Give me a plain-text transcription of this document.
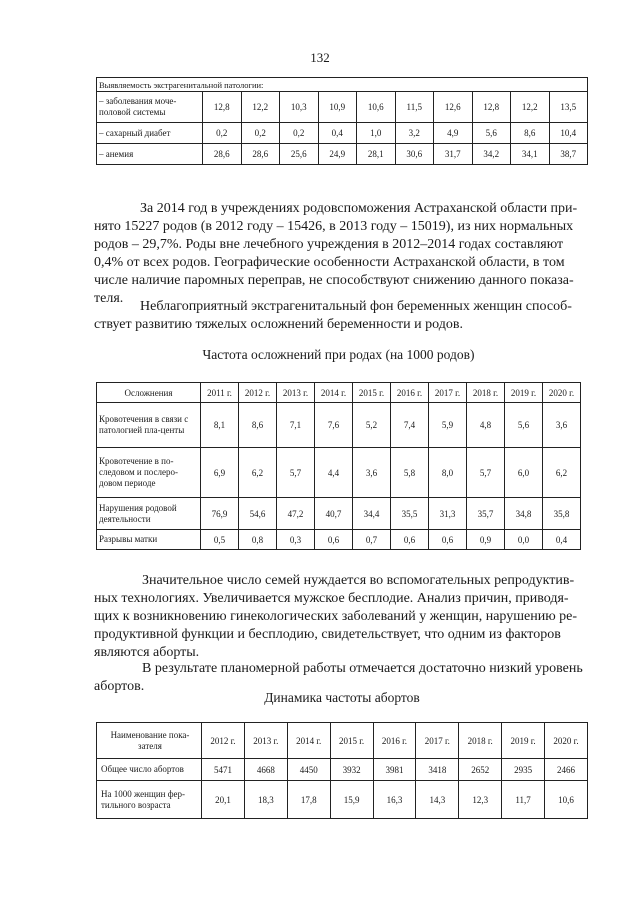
132
Выявляемость экстрагенитальной патологии:										
– заболевания моче-половой системы	12,8	12,2	10,3	10,9	10,6	11,5	12,6	12,8	12,2	13,5
– сахарный диабет	0,2	0,2	0,2	0,4	1,0	3,2	4,9	5,6	8,6	10,4
– анемия	28,6	28,6	25,6	24,9	28,1	30,6	31,7	34,2	34,1	38,7
За 2014 год в учреждениях родовспоможения Астраханской области при-
нято 15227 родов (в 2012 году – 15426, в 2013 году – 15019), из них нормальных
родов – 29,7%. Роды вне лечебного учреждения в 2012–2014 годах составляют
0,4% от всех родов. Географические особенности Астраханской области, в том
числе наличие паромных переправ, не способствуют снижению данного показа-
теля.
Неблагоприятный экстрагенитальный фон беременных женщин способ-
ствует развитию тяжелых осложнений беременности и родов.
Частота осложнений при родах (на 1000 родов)
Осложнения	2011 г.	2012 г.	2013 г.	2014 г.	2015 г.	2016 г.	2017 г.	2018 г.	2019 г.	2020 г.
Кровотечения в связи с патологией пла-центы	8,1	8,6	7,1	7,6	5,2	7,4	5,9	4,8	5,6	3,6
Кровотечение в по-следовом и послеро-довом периоде	6,9	6,2	5,7	4,4	3,6	5,8	8,0	5,7	6,0	6,2
Нарушения родовой деятельности	76,9	54,6	47,2	40,7	34,4	35,5	31,3	35,7	34,8	35,8
Разрывы матки	0,5	0,8	0,3	0,6	0,7	0,6	0,6	0,9	0,0	0,4
Значительное число семей нуждается во вспомогательных репродуктив-
ных технологиях. Увеличивается мужское бесплодие. Анализ причин, приводя-
щих к возникновению гинекологических заболеваний у женщин, нарушению ре-
продуктивной функции и бесплодию, свидетельствует, что одним из факторов
являются аборты.
В результате планомерной работы отмечается достаточно низкий уровень
абортов.
Динамика частоты абортов
Наименование пока-зателя	2012 г.	2013 г.	2014 г.	2015 г.	2016 г.	2017 г.	2018 г.	2019 г.	2020 г.
Общее число абортов	5471	4668	4450	3932	3981	3418	2652	2935	2466
На 1000 женщин фер-тильного возраста	20,1	18,3	17,8	15,9	16,3	14,3	12,3	11,7	10,6
